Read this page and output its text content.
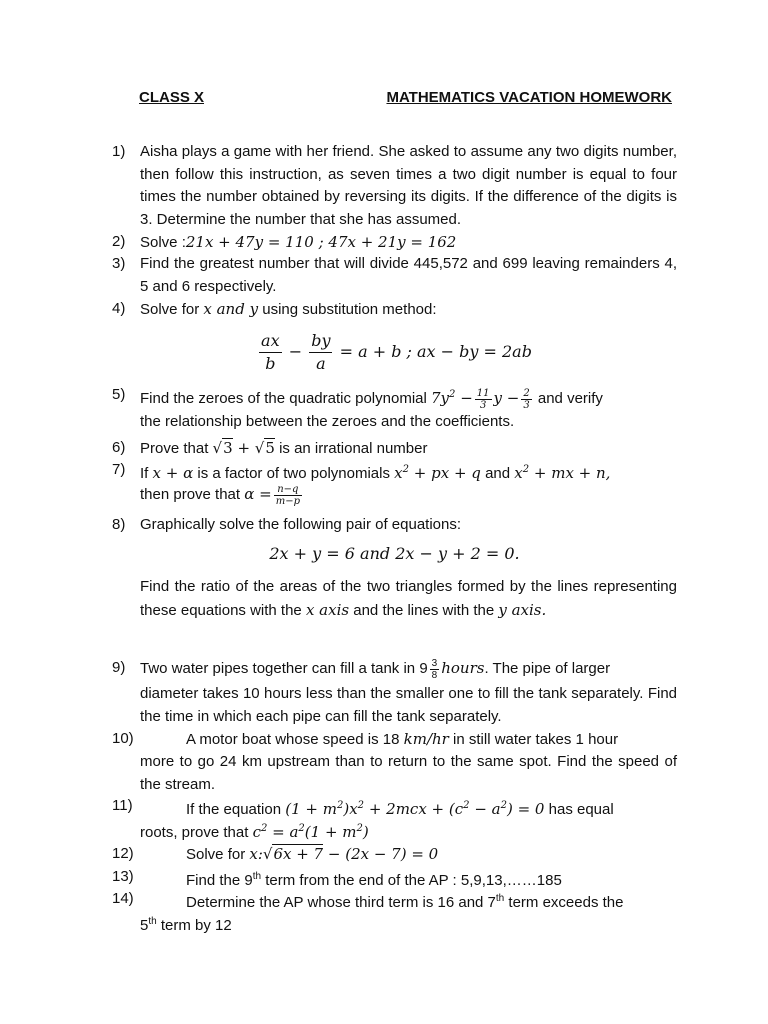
CLASS X	MATHEMATICS VACATION HOMEWORK
1) Aisha plays a game with her friend. She asked to assume any two digits number, then follow this instruction, as seven times a two digit number is equal to four times the number obtained by reversing its digits. If the difference of the digits is 3. Determine the number that she has assumed.
2) Solve :21x + 47y = 110 ; 47x + 21y = 162
3) Find the greatest number that will divide 445,572 and 699 leaving remainders 4, 5 and 6 respectively.
4) Solve for x and y using substitution method:
$\frac{ax}{b} - \frac{by}{a} = a + b$ ; ax − by = 2ab
5) Find the zeroes of the quadratic polynomial $7y^2 - \frac{11}{3}$ $y - \frac{2}{3}$ and verify
the relationship between the zeroes and the coefficients.
6) Prove that √3 + √5 is an irrational number
7) If x + α is a factor of two polynomials $x^2$ + px + q and $x^2$ + mx + n,
then prove that $\alpha = \frac{n-q}{m-p}$
8) Graphically solve the following pair of equations:
2x + y = 6 and 2x − y + 2 = 0.
Find the ratio of the areas of the two triangles formed by the lines representing these equations with the x axis and the lines with the y axis.
9) Two water pipes together can fill a tank in $9 \frac{3}{8}$ hours. The pipe of larger
diameter takes 10 hours less than the smaller one to fill the tank separately. Find the time in which each pipe can fill the tank separately.
10)	A motor boat whose speed is 18 km/hr in still water takes 1 hour
more to go 24 km upstream than to return to the same spot. Find the speed of the stream.
11)	If the equation $(1 + m^2)x^2 + 2mcx + (c^2 - a^2) = 0$ has equal
roots, prove that $c^2 = a^2(1 + m^2)$
12)	Solve for x:√6x + 7 − (2x − 7) = 0
13)	Find the 9th term from the end of the AP : 5,9,13,……185
14)	Determine the AP whose third term is 16 and 7th term exceeds the
5th term by 12
